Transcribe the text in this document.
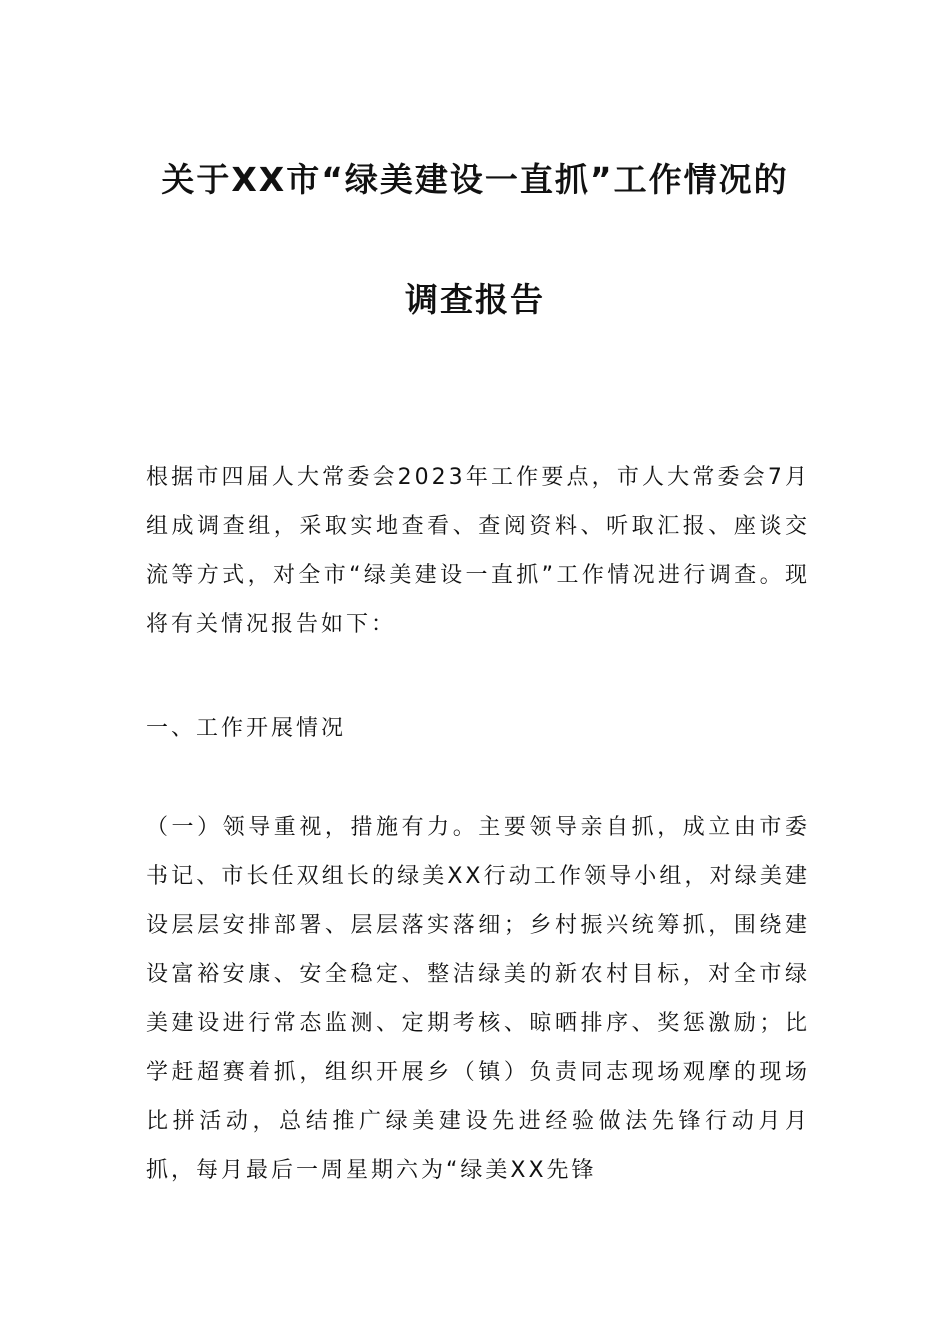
关于XX市“绿美建设一直抓”工作情况的
调查报告

根据市四届人大常委会2023年工作要点，市人大常委会7月组成调查组，采取实地查看、查阅资料、听取汇报、座谈交流等方式，对全市“绿美建设一直抓”工作情况进行调查。现将有关情况报告如下：

一、工作开展情况

（一）领导重视，措施有力。主要领导亲自抓，成立由市委书记、市长任双组长的绿美XX行动工作领导小组，对绿美建设层层安排部署、层层落实落细；乡村振兴统筹抓，围绕建设富裕安康、安全稳定、整洁绿美的新农村目标，对全市绿美建设进行常态监测、定期考核、晾晒排序、奖惩激励；比学赶超赛着抓，组织开展乡（镇）负责同志现场观摩的现场比拼活动，总结推广绿美建设先进经验做法先锋行动月月抓，每月最后一周星期六为“绿美XX先锋
